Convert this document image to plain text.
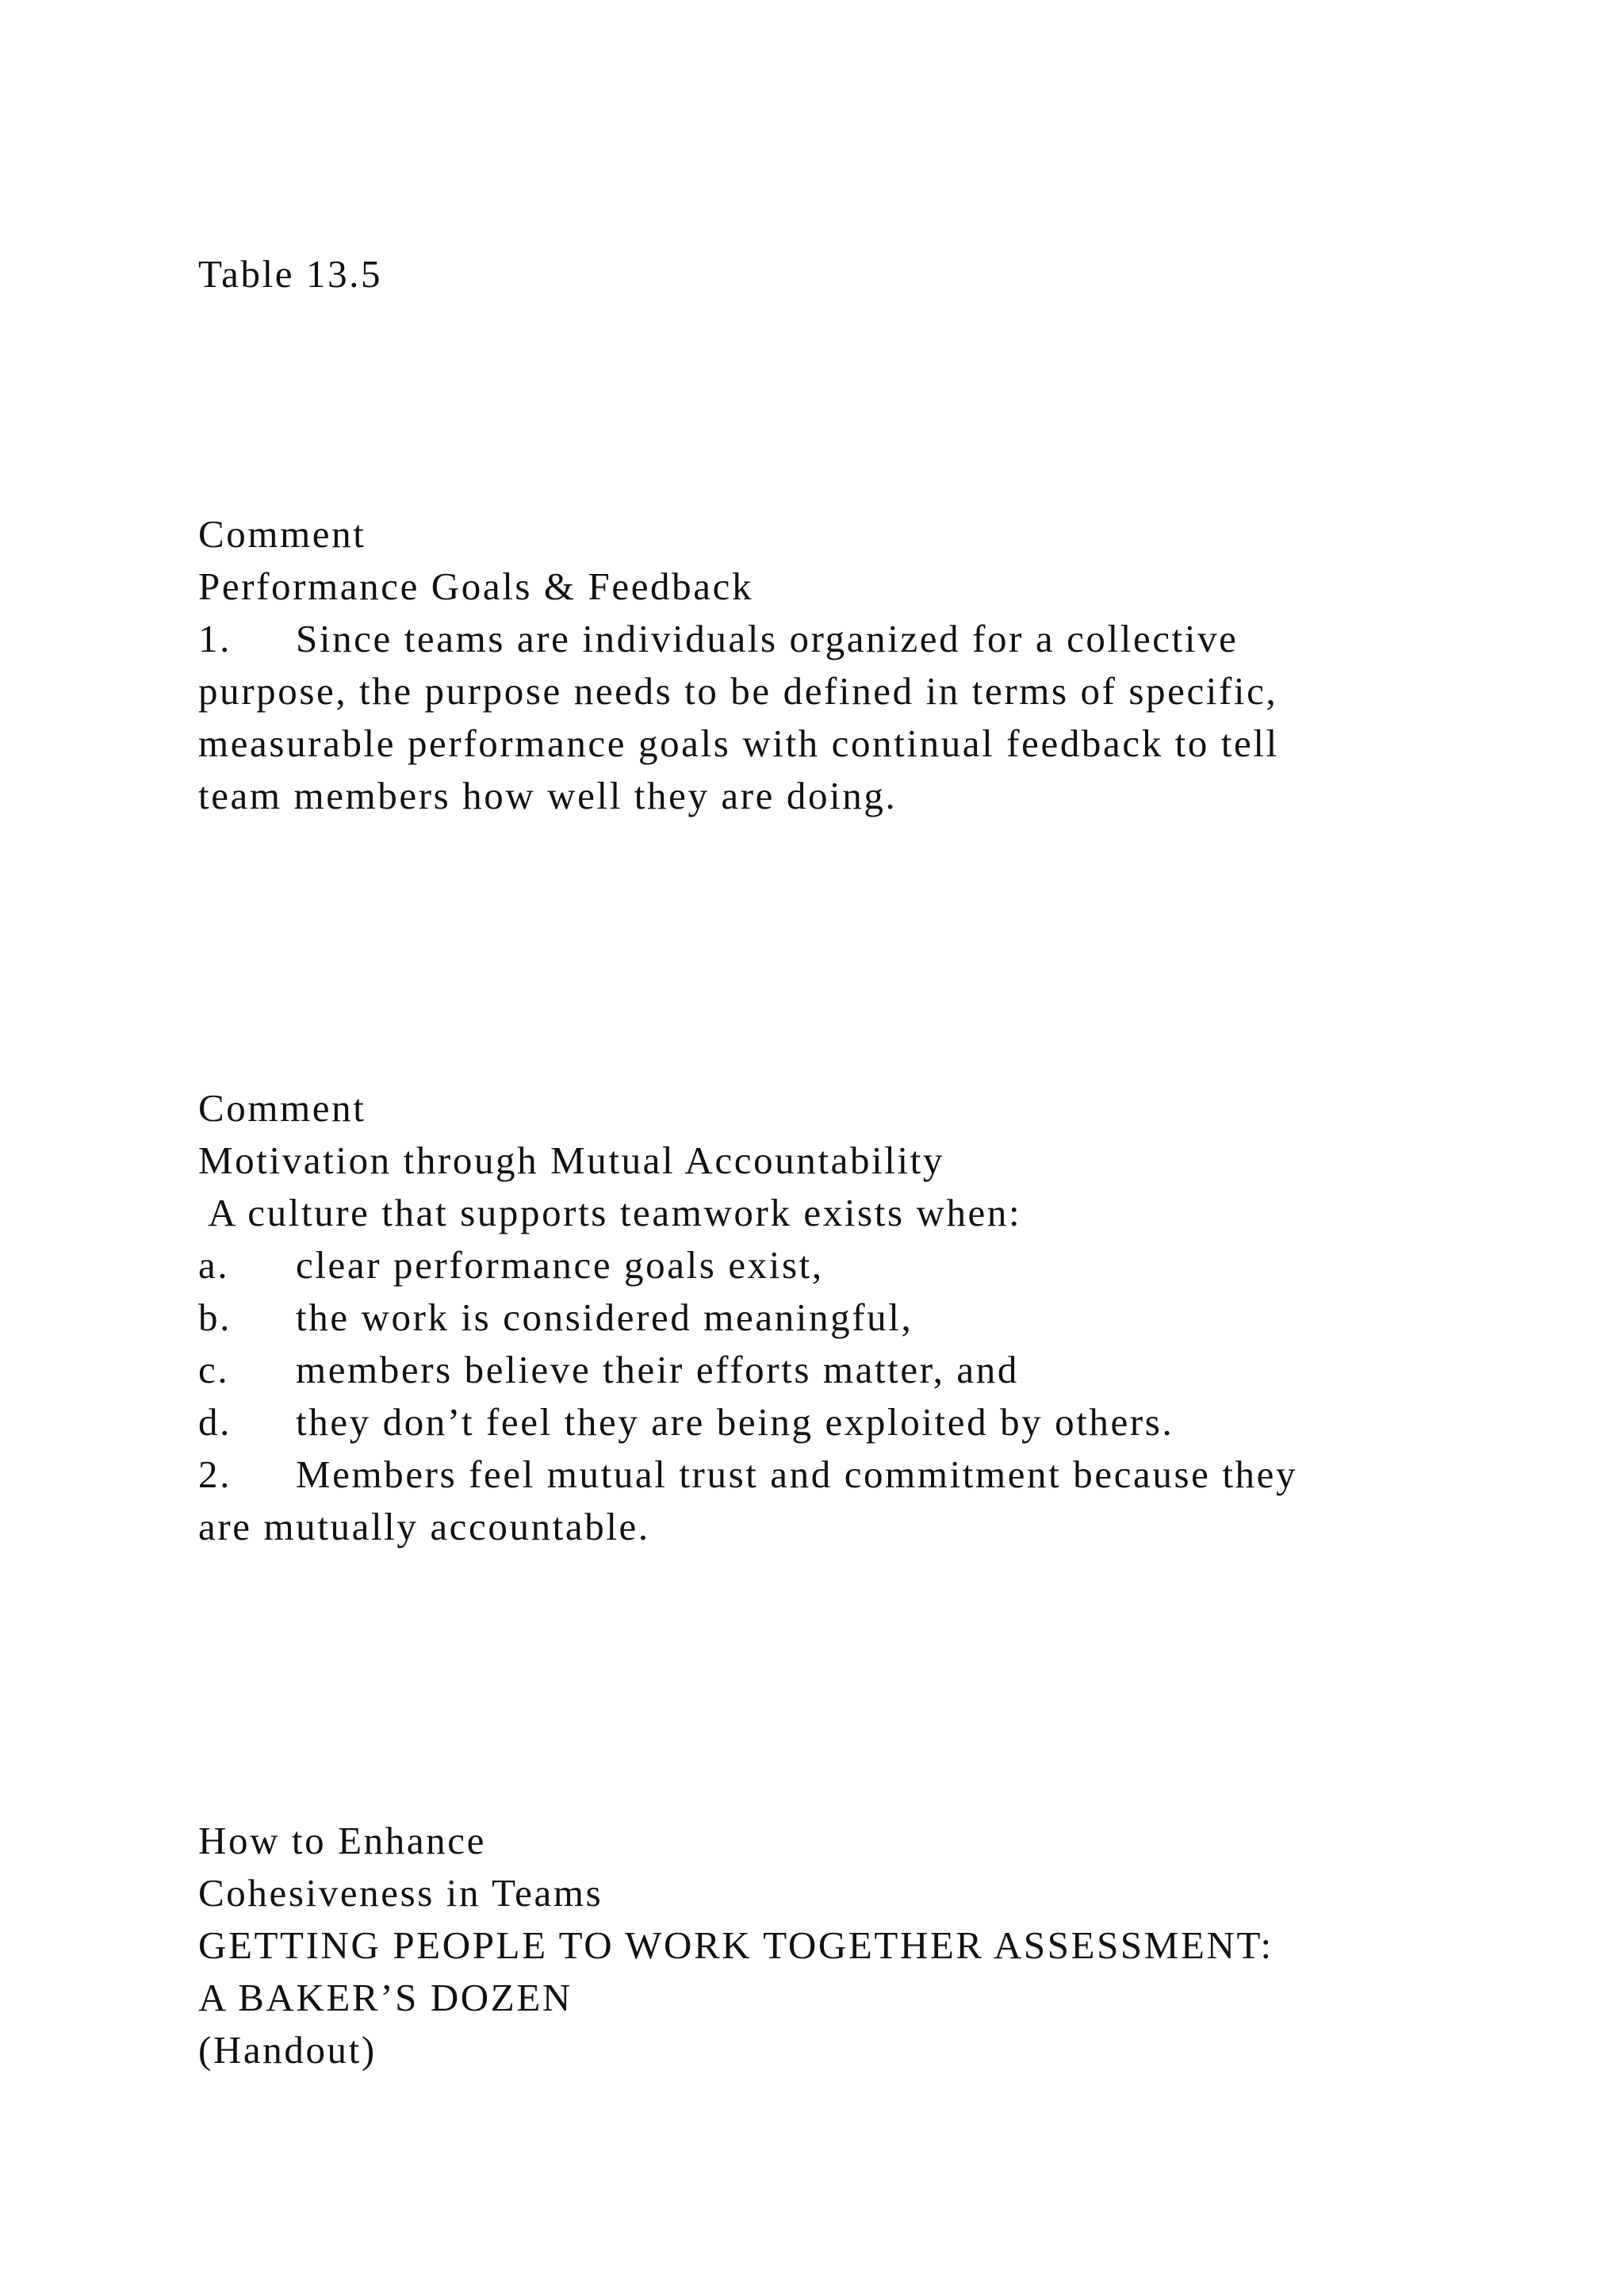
Table 13.5
Comment
Performance Goals & Feedback
1. Since teams are individuals organized for a collective
purpose, the purpose needs to be defined in terms of specific,
measurable performance goals with continual feedback to tell
team members how well they are doing.
Comment
Motivation through Mutual Accountability
A culture that supports teamwork exists when:
a. clear performance goals exist,
b. the work is considered meaningful,
c. members believe their efforts matter, and
d. they don’t feel they are being exploited by others.
2. Members feel mutual trust and commitment because they
are mutually accountable.
How to Enhance
Cohesiveness in Teams
GETTING PEOPLE TO WORK TOGETHER ASSESSMENT:
A BAKER’S DOZEN
(Handout)
